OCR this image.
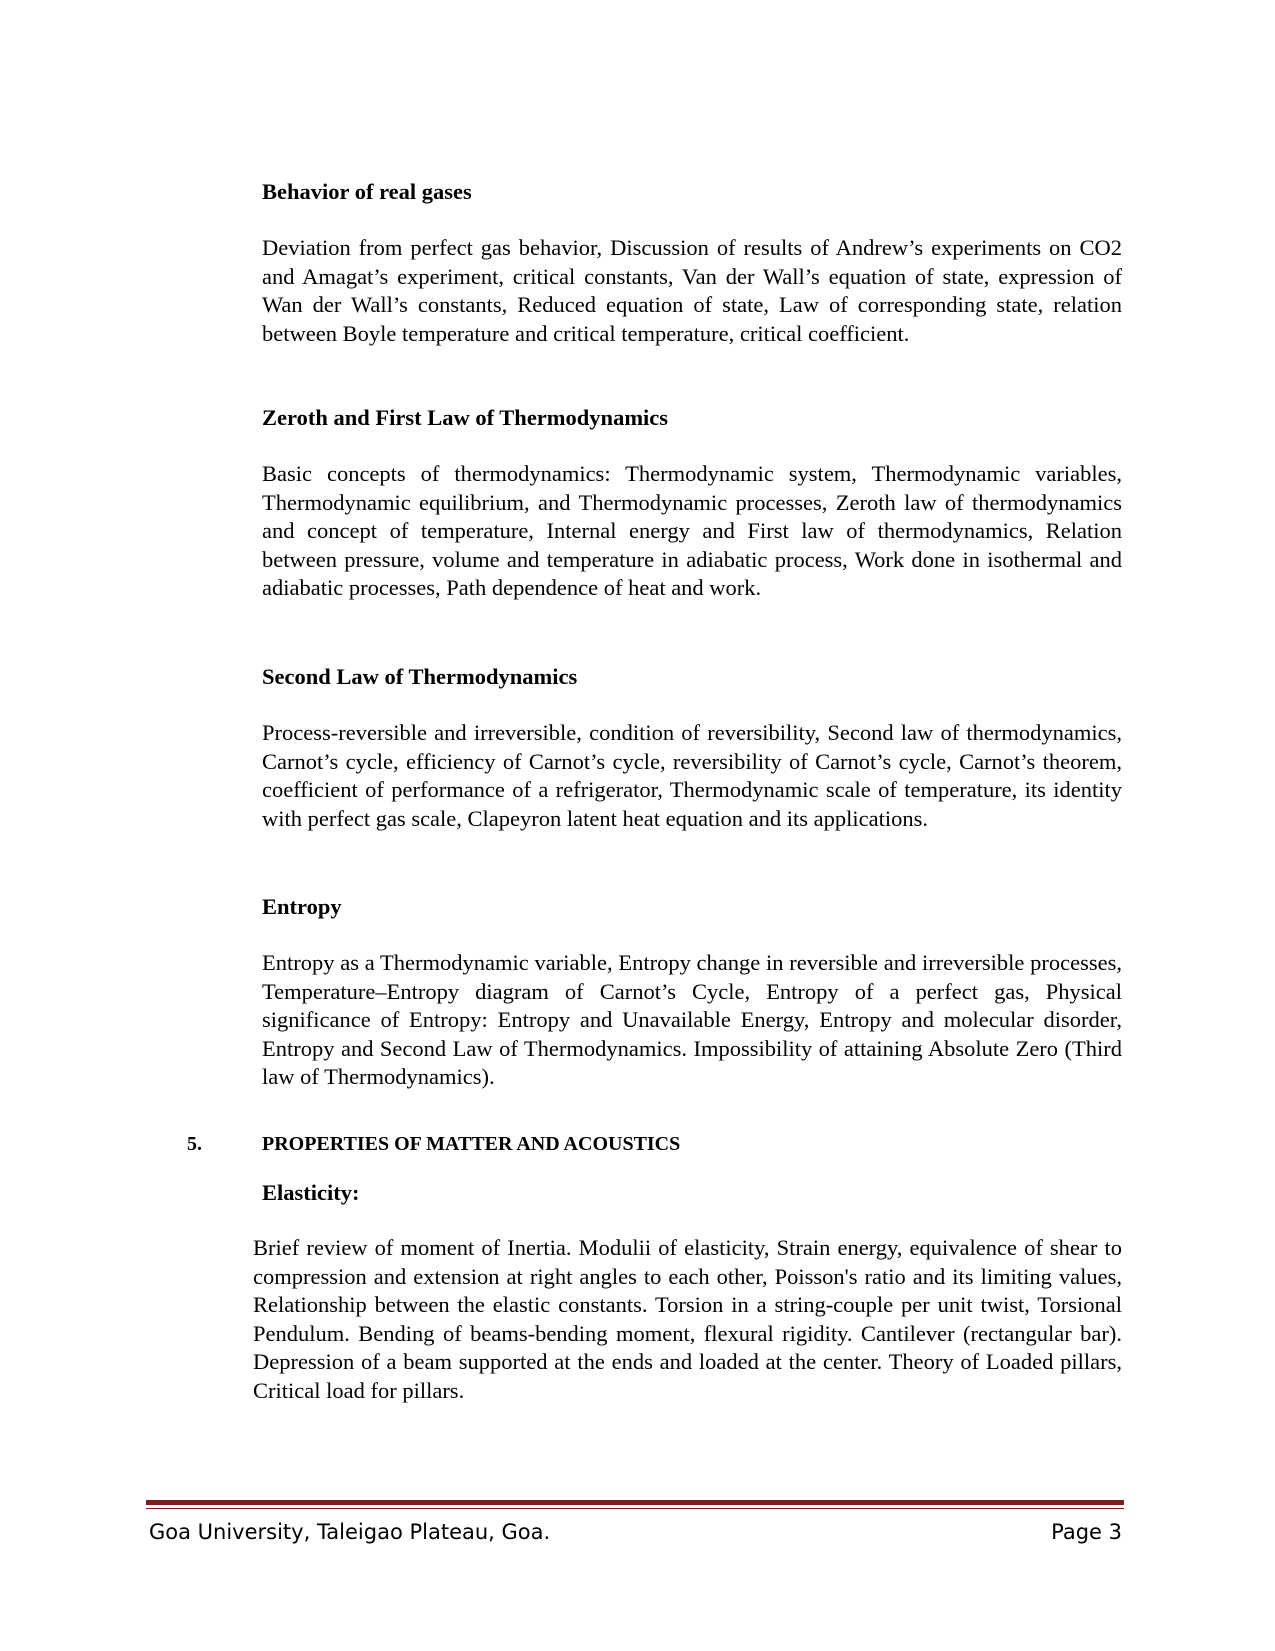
Behavior of real gases
Deviation from perfect gas behavior, Discussion of results of Andrew’s experiments on CO2 and Amagat’s experiment, critical constants, Van der Wall’s equation of state, expression of Wan der Wall’s constants, Reduced equation of state, Law of corresponding state, relation between Boyle temperature and critical temperature, critical coefficient.
Zeroth and First Law of Thermodynamics
Basic concepts of thermodynamics: Thermodynamic system, Thermodynamic variables, Thermodynamic equilibrium, and Thermodynamic processes, Zeroth law of thermodynamics and concept of temperature, Internal energy and First law of thermodynamics, Relation between pressure, volume and temperature in adiabatic process, Work done in isothermal and adiabatic processes, Path dependence of heat and work.
Second Law of Thermodynamics
Process-reversible and irreversible, condition of reversibility, Second law of thermodynamics, Carnot’s cycle, efficiency of Carnot’s cycle, reversibility of Carnot’s cycle, Carnot’s theorem, coefficient of performance of a refrigerator, Thermodynamic scale of temperature, its identity with perfect gas scale, Clapeyron latent heat equation and its applications.
Entropy
Entropy as a Thermodynamic variable, Entropy change in reversible and irreversible processes, Temperature–Entropy diagram of Carnot’s Cycle, Entropy of a perfect gas, Physical significance of Entropy: Entropy and Unavailable Energy, Entropy and molecular disorder, Entropy and Second Law of Thermodynamics. Impossibility of attaining Absolute Zero (Third law of Thermodynamics).
5.	PROPERTIES OF MATTER AND ACOUSTICS
Elasticity:
Brief review of moment of Inertia. Modulii of elasticity, Strain energy, equivalence of shear to compression and extension at right angles to each other, Poisson's ratio and its limiting values, Relationship between the elastic constants. Torsion in a string-couple per unit twist, Torsional Pendulum. Bending of beams-bending moment, flexural rigidity. Cantilever (rectangular bar). Depression of a beam supported at the ends and loaded at the center. Theory of Loaded pillars, Critical load for pillars.
Goa University, Taleigao Plateau, Goa.	Page 3
